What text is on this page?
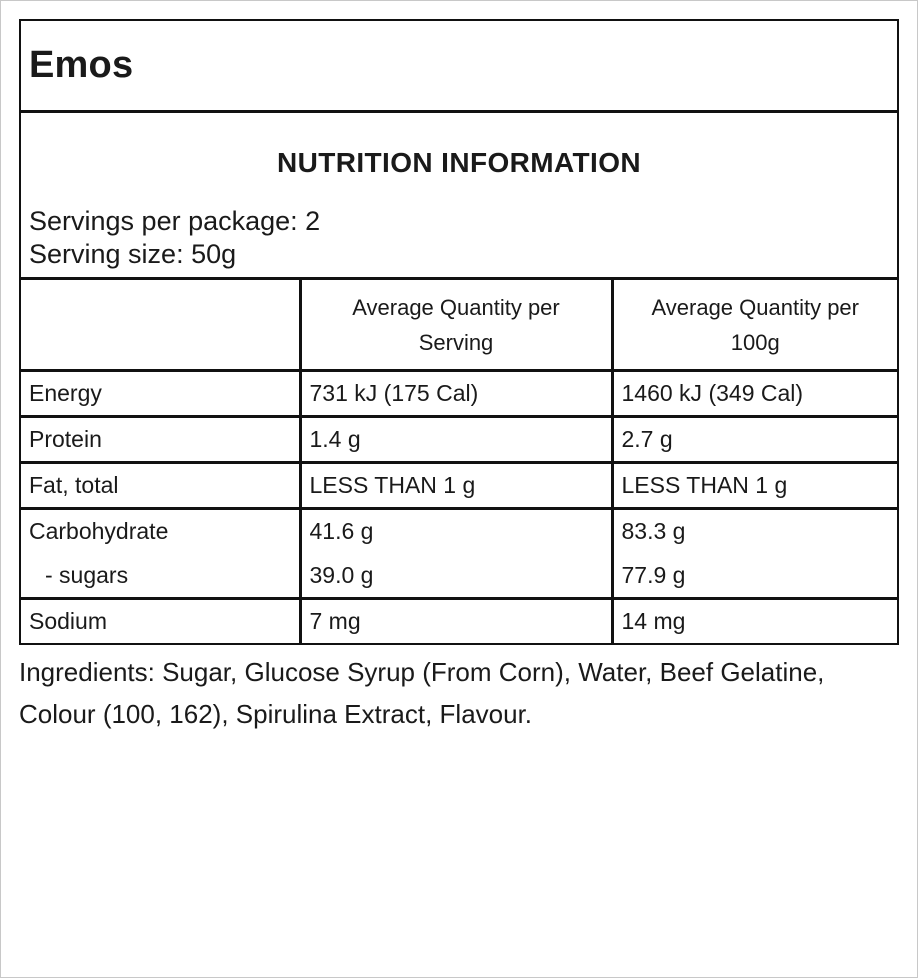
Emos
NUTRITION INFORMATION
Servings per package: 2
Serving size: 50g
	Average Quantity per Serving	Average Quantity per 100g
Energy	731 kJ (175 Cal)	1460 kJ (349 Cal)
Protein	1.4 g	2.7 g
Fat, total	LESS THAN 1 g	LESS THAN 1 g
Carbohydrate	41.6 g	83.3 g
- sugars	39.0 g	77.9 g
Sodium	7 mg	14 mg
Ingredients: Sugar, Glucose Syrup (From Corn), Water, Beef Gelatine, Colour (100, 162), Spirulina Extract, Flavour.
